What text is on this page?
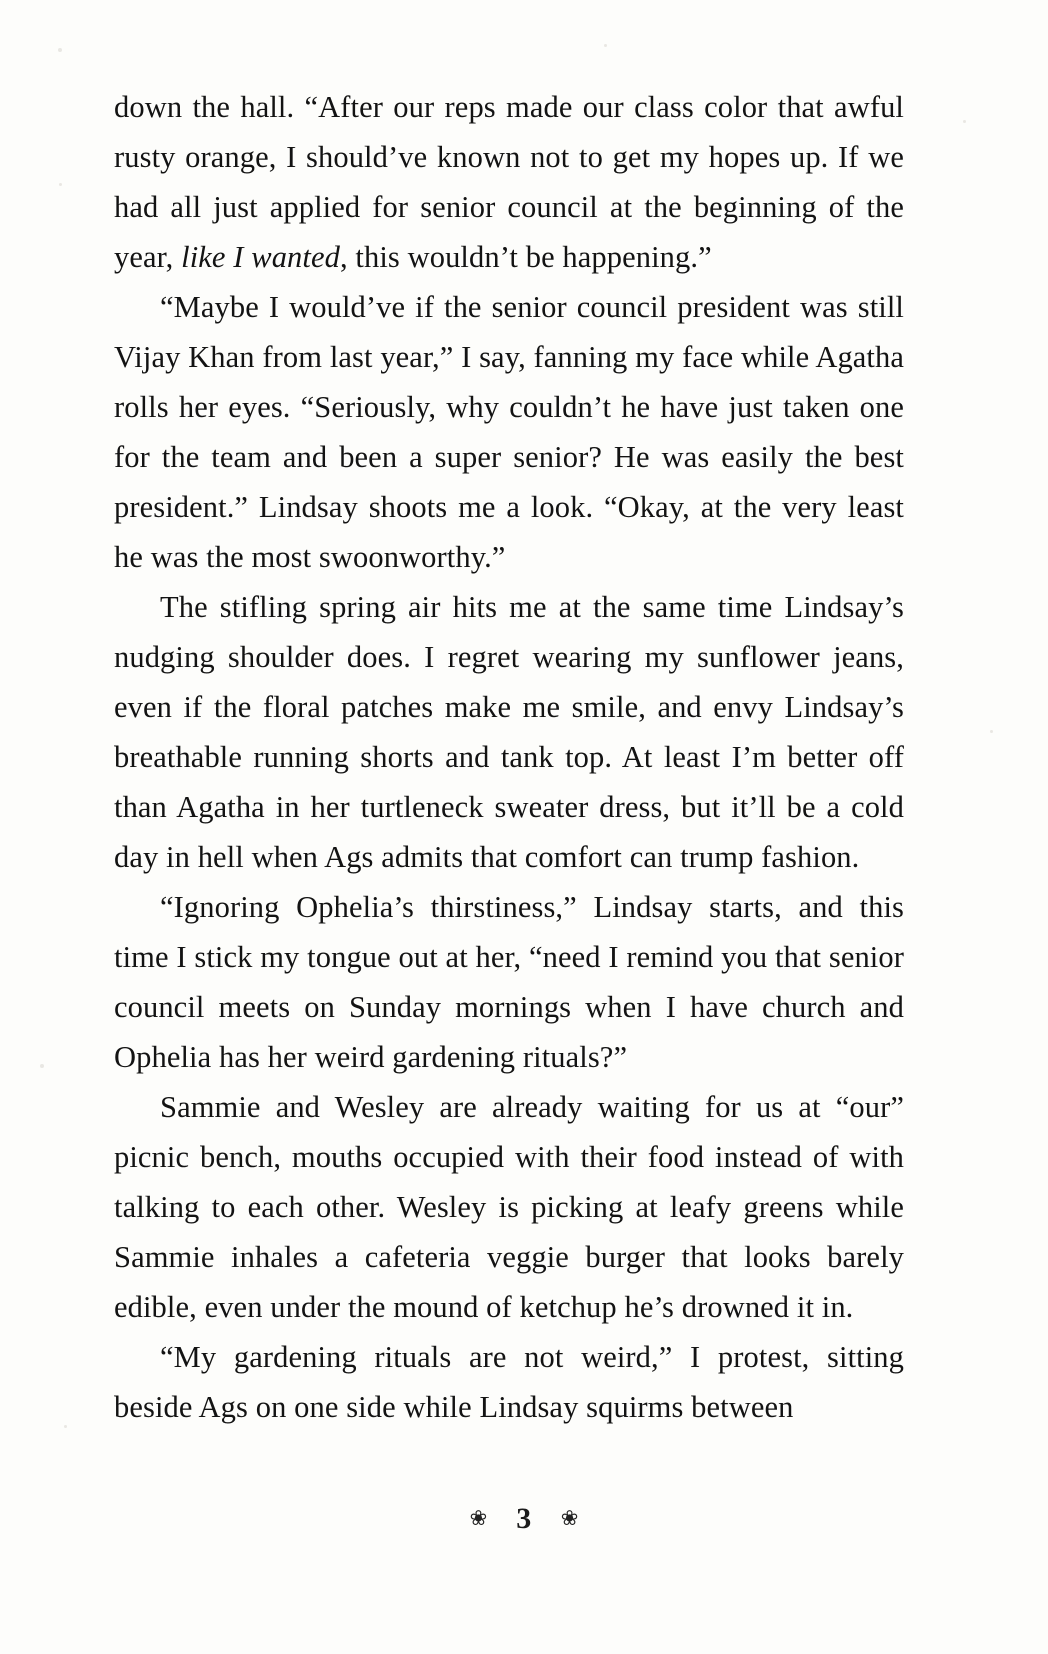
down the hall. “After our reps made our class color that awful rusty orange, I should’ve known not to get my hopes up. If we had all just applied for senior council at the beginning of the year, like I wanted, this wouldn’t be happening.”

“Maybe I would’ve if the senior council president was still Vijay Khan from last year,” I say, fanning my face while Agatha rolls her eyes. “Seriously, why couldn’t he have just taken one for the team and been a super senior? He was easily the best president.” Lindsay shoots me a look. “Okay, at the very least he was the most swoonworthy.”

The stifling spring air hits me at the same time Lindsay’s nudging shoulder does. I regret wearing my sunflower jeans, even if the floral patches make me smile, and envy Lindsay’s breathable running shorts and tank top. At least I’m better off than Agatha in her turtleneck sweater dress, but it’ll be a cold day in hell when Ags admits that comfort can trump fashion.

“Ignoring Ophelia’s thirstiness,” Lindsay starts, and this time I stick my tongue out at her, “need I remind you that senior council meets on Sunday mornings when I have church and Ophelia has her weird gardening rituals?”

Sammie and Wesley are already waiting for us at “our” picnic bench, mouths occupied with their food instead of with talking to each other. Wesley is picking at leafy greens while Sammie inhales a cafeteria veggie burger that looks barely edible, even under the mound of ketchup he’s drowned it in.

“My gardening rituals are not weird,” I protest, sitting beside Ags on one side while Lindsay squirms between

❀ 3 ❀
